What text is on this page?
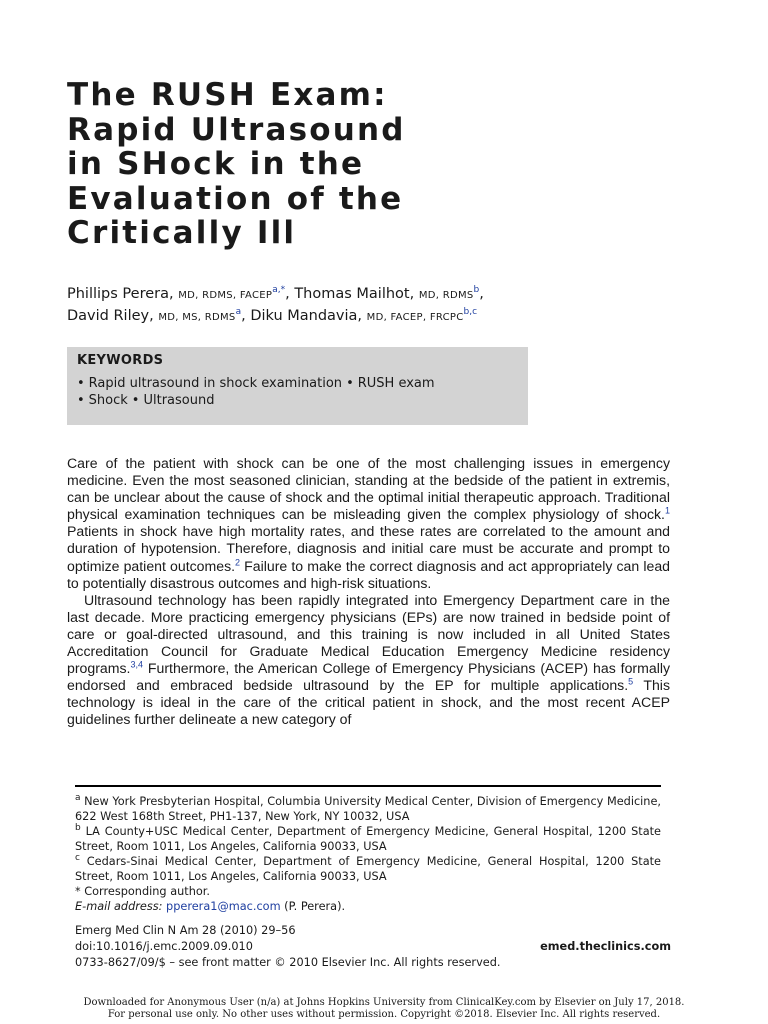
The RUSH Exam:
Rapid Ultrasound
in SHock in the
Evaluation of the
Critically Ill
Phillips Perera, MD, RDMS, $FACEP^{a,*}$, Thomas Mailhot, MD, RDMS$^b$,
David Riley, MD, MS, RDMS$^a$, Diku Mandavia, MD, FACEP, FRCPC$^{b,c}$
KEYWORDS
• Rapid ultrasound in shock examination • RUSH exam
• Shock • Ultrasound

Care of the patient with shock can be one of the most challenging issues in emergency medicine. Even the most seasoned clinician, standing at the bedside of the patient in extremis, can be unclear about the cause of shock and the optimal initial therapeutic approach. Traditional physical examination techniques can be misleading given the complex physiology of shock.$^1$ Patients in shock have high mortality rates, and these rates are correlated to the amount and duration of hypotension. Therefore, diagnosis and initial care must be accurate and prompt to optimize patient outcomes.$^2$ Failure to make the correct diagnosis and act appropriately can lead to potentially disastrous outcomes and high-risk situations.

Ultrasound technology has been rapidly integrated into Emergency Department care in the last decade. More practicing emergency physicians (EPs) are now trained in bedside point of care or goal-directed ultrasound, and this training is now included in all United States Accreditation Council for Graduate Medical Education Emergency Medicine residency programs.$^{3,4}$ Furthermore, the American College of Emergency Physicians (ACEP) has formally endorsed and embraced bedside ultrasound by the EP for multiple applications.$^5$ This technology is ideal in the care of the critical patient in shock, and the most recent ACEP guidelines further delineate a new category of

$^a$ New York Presbyterian Hospital, Columbia University Medical Center, Division of Emergency Medicine, 622 West 168th Street, PH1-137, New York, NY 10032, USA

$^b$ LA County+USC Medical Center, Department of Emergency Medicine, General Hospital, 1200 State Street, Room 1011, Los Angeles, California 90033, USA

$^c$ Cedars-Sinai Medical Center, Department of Emergency Medicine, General Hospital, 1200 State Street, Room 1011, Los Angeles, California 90033, USA

* Corresponding author.

E-mail address: pperera1@mac.com (P. Perera).

Emerg Med Clin N Am 28 (2010) 29–56
doi:10.1016/j.emc.2009.09.010	emed.theclinics.com
0733-8627/09/$ – see front matter © 2010 Elsevier Inc. All rights reserved.
Downloaded for Anonymous User (n/a) at Johns Hopkins University from ClinicalKey.com by Elsevier on July 17, 2018.
For personal use only. No other uses without permission. Copyright ©2018. Elsevier Inc. All rights reserved.
